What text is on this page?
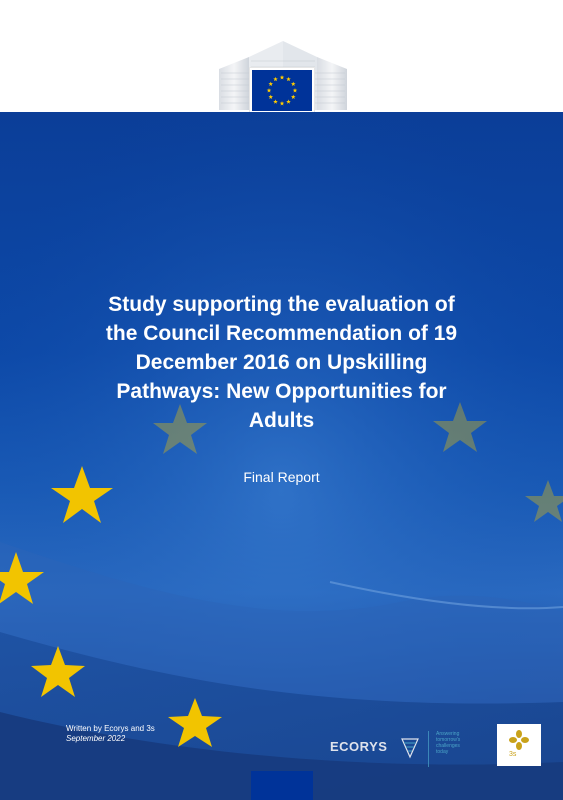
Study supporting the evaluation of
the Council Recommendation of 19
December 2016 on Upskilling
Pathways: New Opportunities for
Adults
Final Report
Written by Ecorys and 3s
September 2022
ECORYS
Answering
tomorrow's
challenges
today	3s
